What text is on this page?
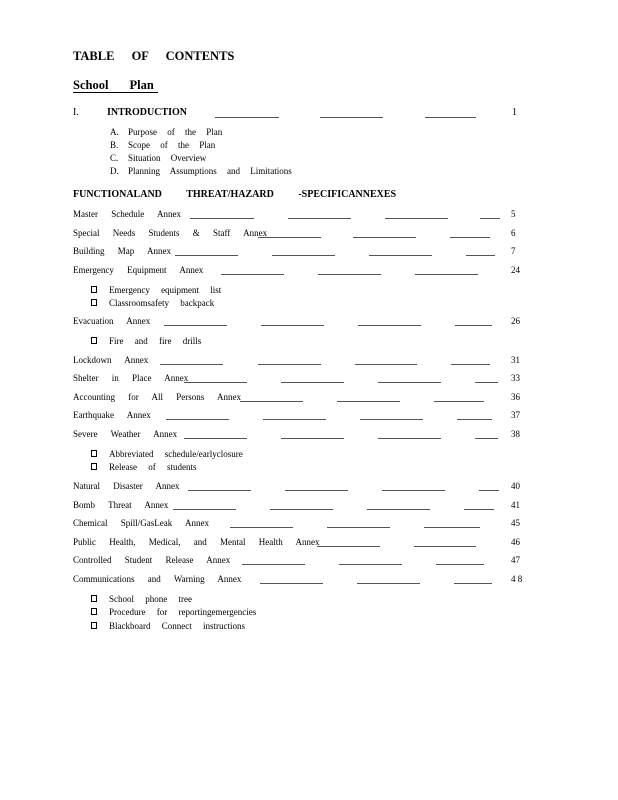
TABLE OF CONTENTS
School Plan
I.	INTRODUCTION	1
A. Purpose of the Plan
B. Scope of the Plan
C. Situation Overview
D. Planning Assumptions and Limitations
FUNCTIONALAND THREAT/HAZARD -SPECIFICANNEXES
Master Schedule Annex	5
Special Needs Students & Staff Annex	6
Building Map Annex	7
Emergency Equipment Annex	24
Emergency equipment list
Classroomsafety backpack
Evacuation Annex	26
Fire and fire drills
Lockdown Annex	31
Shelter in Place Annex	33
Accounting for All Persons Annex	36
Earthquake Annex	37
Severe Weather Annex	38
Abbreviated schedule/earlyclosure
Release of students
Natural Disaster Annex	40
Bomb Threat Annex	41
Chemical Spill/GasLeak Annex	45
Public Health, Medical, and Mental Health Annex	46
Controlled Student Release Annex	47
Communications and Warning Annex	4 8
School phone tree
Procedure for reportingemergencies
Blackboard Connect instructions
